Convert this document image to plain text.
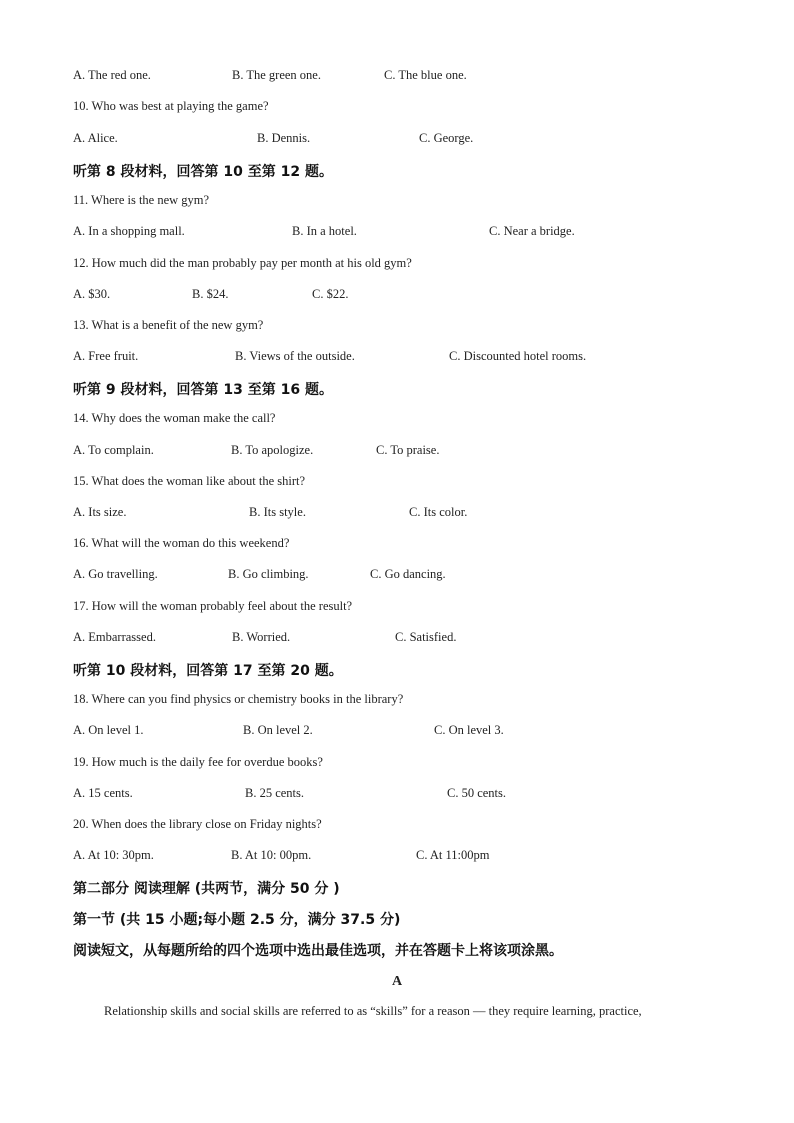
A. The red one.	B. The green one.	C. The blue one.
10. Who was best at playing the game?
A. Alice.	B. Dennis.	C. George.
听第 8 段材料，回答第 10 至第 12 题。
11. Where is the new gym?
A. In a shopping mall.	B. In a hotel.	C. Near a bridge.
12. How much did the man probably pay per month at his old gym?
A. $30.	B. $24.	C. $22.
13. What is a benefit of the new gym?
A. Free fruit.	B. Views of the outside.	C. Discounted hotel rooms.
听第 9 段材料，回答第 13 至第 16 题。
14. Why does the woman make the call?
A. To complain.	B. To apologize.	C. To praise.
15. What does the woman like about the shirt?
A. Its size.	B. Its style.	C. Its color.
16. What will the woman do this weekend?
A. Go travelling.	B. Go climbing.	C. Go dancing.
17. How will the woman probably feel about the result?
A. Embarrassed.	B. Worried.	C. Satisfied.
听第 10 段材料，回答第 17 至第 20 题。
18. Where can you find physics or chemistry books in the library?
A. On level 1.	B. On level 2.	C. On level 3.
19. How much is the daily fee for overdue books?
A. 15 cents.	B. 25 cents.	C. 50 cents.
20. When does the library close on Friday nights?
A. At 10: 30pm.	B. At 10: 00pm.	C. At 11:00pm
第二部分 阅读理解 (共两节，满分 50 分 )
第一节 (共 15 小题;每小题 2.5 分，满分 37.5 分)
阅读短文，从每题所给的四个选项中选出最佳选项，并在答题卡上将该项涂黑。
A
Relationship skills and social skills are referred to as “skills” for a reason — they require learning, practice,
